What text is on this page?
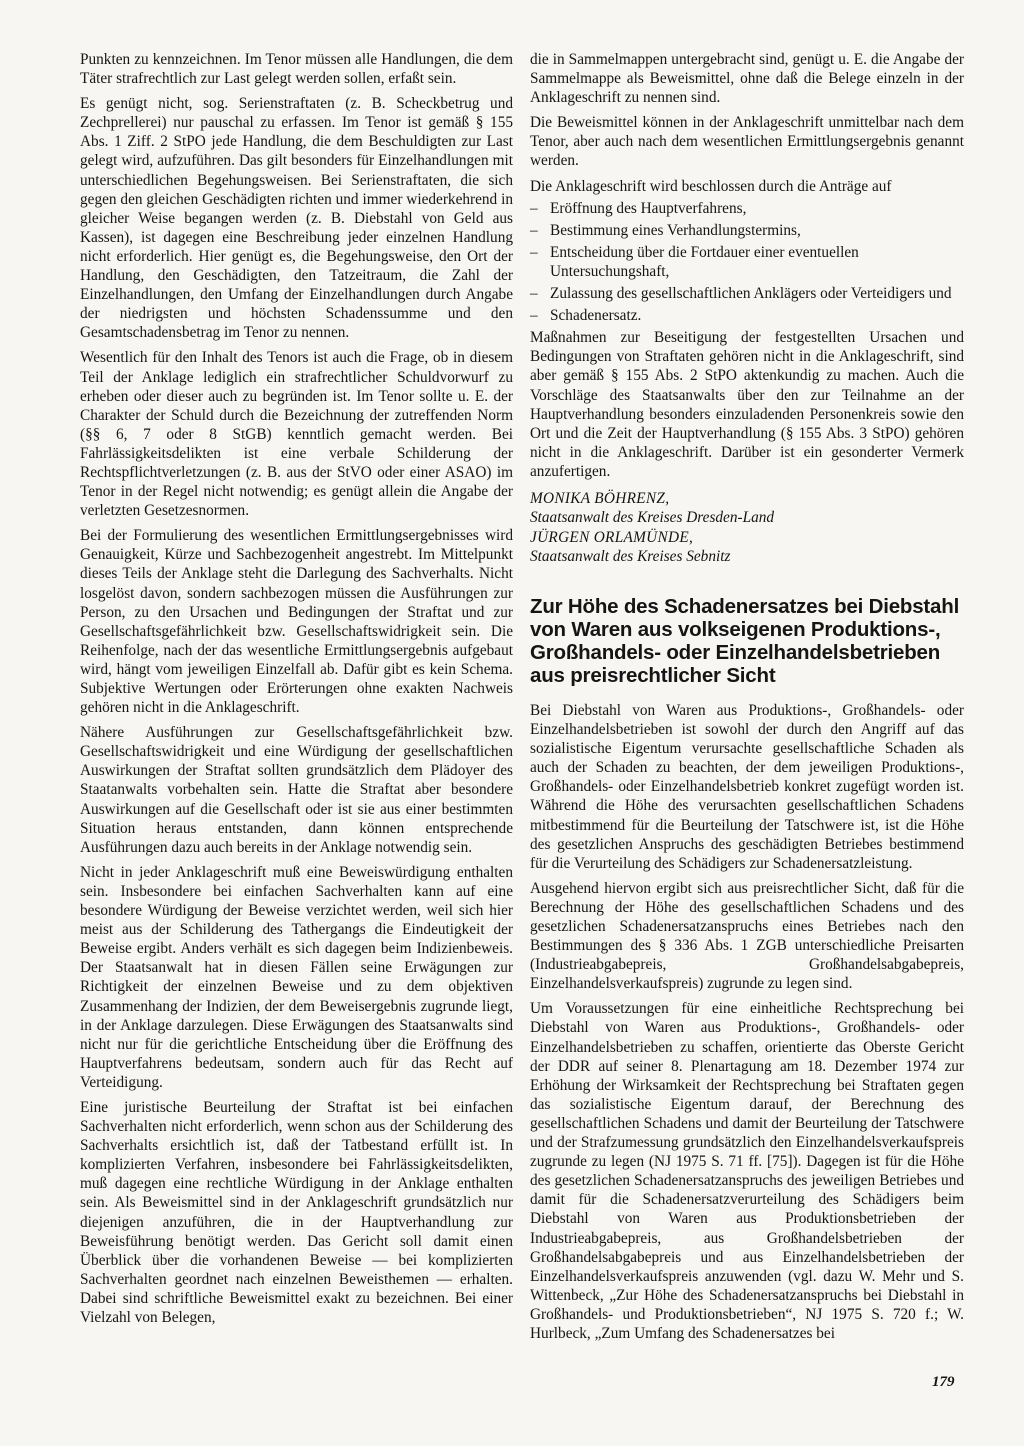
Punkten zu kennzeichnen. Im Tenor müssen alle Handlungen, die dem Täter strafrechtlich zur Last gelegt werden sollen, erfaßt sein.

Es genügt nicht, sog. Serienstraftaten (z. B. Scheckbetrug und Zechprellerei) nur pauschal zu erfassen. Im Tenor ist gemäß § 155 Abs. 1 Ziff. 2 StPO jede Handlung, die dem Beschuldigten zur Last gelegt wird, aufzuführen. Das gilt besonders für Einzelhandlungen mit unterschiedlichen Begehungsweisen. Bei Serienstraftaten, die sich gegen den gleichen Geschädigten richten und immer wiederkehrend in gleicher Weise begangen werden (z. B. Diebstahl von Geld aus Kassen), ist dagegen eine Beschreibung jeder einzelnen Handlung nicht erforderlich. Hier genügt es, die Begehungsweise, den Ort der Handlung, den Geschädigten, den Tatzeitraum, die Zahl der Einzelhandlungen, den Umfang der Einzelhandlungen durch Angabe der niedrigsten und höchsten Schadenssumme und den Gesamtschadensbetrag im Tenor zu nennen.

Wesentlich für den Inhalt des Tenors ist auch die Frage, ob in diesem Teil der Anklage lediglich ein strafrechtlicher Schuldvorwurf zu erheben oder dieser auch zu begründen ist. Im Tenor sollte u. E. der Charakter der Schuld durch die Bezeichnung der zutreffenden Norm (§§ 6, 7 oder 8 StGB) kenntlich gemacht werden. Bei Fahrlässigkeitsdelikten ist eine verbale Schilderung der Rechtspflichtverletzungen (z. B. aus der StVO oder einer ASAO) im Tenor in der Regel nicht notwendig; es genügt allein die Angabe der verletzten Gesetzesnormen.

Bei der Formulierung des wesentlichen Ermittlungsergebnisses wird Genauigkeit, Kürze und Sachbezogenheit angestrebt. Im Mittelpunkt dieses Teils der Anklage steht die Darlegung des Sachverhalts. Nicht losgelöst davon, sondern sachbezogen müssen die Ausführungen zur Person, zu den Ursachen und Bedingungen der Straftat und zur Gesellschaftsgefährlichkeit bzw. Gesellschaftswidrigkeit sein. Die Reihenfolge, nach der das wesentliche Ermittlungsergebnis aufgebaut wird, hängt vom jeweiligen Einzelfall ab. Dafür gibt es kein Schema. Subjektive Wertungen oder Erörterungen ohne exakten Nachweis gehören nicht in die Anklageschrift.

Nähere Ausführungen zur Gesellschaftsgefährlichkeit bzw. Gesellschaftswidrigkeit und eine Würdigung der gesellschaftlichen Auswirkungen der Straftat sollten grundsätzlich dem Plädoyer des Staatanwalts vorbehalten sein. Hatte die Straftat aber besondere Auswirkungen auf die Gesellschaft oder ist sie aus einer bestimmten Situation heraus entstanden, dann können entsprechende Ausführungen dazu auch bereits in der Anklage notwendig sein.

Nicht in jeder Anklageschrift muß eine Beweiswürdigung enthalten sein. Insbesondere bei einfachen Sachverhalten kann auf eine besondere Würdigung der Beweise verzichtet werden, weil sich hier meist aus der Schilderung des Tathergangs die Eindeutigkeit der Beweise ergibt. Anders verhält es sich dagegen beim Indizienbeweis. Der Staatsanwalt hat in diesen Fällen seine Erwägungen zur Richtigkeit der einzelnen Beweise und zu dem objektiven Zusammenhang der Indizien, der dem Beweisergebnis zugrunde liegt, in der Anklage darzulegen. Diese Erwägungen des Staatsanwalts sind nicht nur für die gerichtliche Entscheidung über die Eröffnung des Hauptverfahrens bedeutsam, sondern auch für das Recht auf Verteidigung.

Eine juristische Beurteilung der Straftat ist bei einfachen Sachverhalten nicht erforderlich, wenn schon aus der Schilderung des Sachverhalts ersichtlich ist, daß der Tatbestand erfüllt ist. In komplizierten Verfahren, insbesondere bei Fahrlässigkeitsdelikten, muß dagegen eine rechtliche Würdigung in der Anklage enthalten sein. Als Beweismittel sind in der Anklageschrift grundsätzlich nur diejenigen anzuführen, die in der Hauptverhandlung zur Beweisführung benötigt werden. Das Gericht soll damit einen Überblick über die vorhandenen Beweise — bei komplizierten Sachverhalten geordnet nach einzelnen Beweisthemen — erhalten. Dabei sind schriftliche Beweismittel exakt zu bezeichnen. Bei einer Vielzahl von Belegen,

die in Sammelmappen untergebracht sind, genügt u. E. die Angabe der Sammelmappe als Beweismittel, ohne daß die Belege einzeln in der Anklageschrift zu nennen sind.

Die Beweismittel können in der Anklageschrift unmittelbar nach dem Tenor, aber auch nach dem wesentlichen Ermittlungsergebnis genannt werden.

Die Anklageschrift wird beschlossen durch die Anträge auf

– Eröffnung des Hauptverfahrens,
– Bestimmung eines Verhandlungstermins,
– Entscheidung über die Fortdauer einer eventuellen Untersuchungshaft,
– Zulassung des gesellschaftlichen Anklägers oder Verteidigers und
– Schadenersatz.

Maßnahmen zur Beseitigung der festgestellten Ursachen und Bedingungen von Straftaten gehören nicht in die Anklageschrift, sind aber gemäß § 155 Abs. 2 StPO aktenkundig zu machen. Auch die Vorschläge des Staatsanwalts über den zur Teilnahme an der Hauptverhandlung besonders einzuladenden Personenkreis sowie den Ort und die Zeit der Hauptverhandlung (§ 155 Abs. 3 StPO) gehören nicht in die Anklageschrift. Darüber ist ein gesonderter Vermerk anzufertigen.

MONIKA BÖHRENZ,

Staatsanwalt des Kreises Dresden-Land

JÜRGEN ORLAMÜNDE,

Staatsanwalt des Kreises Sebnitz

Zur Höhe des Schadenersatzes bei Diebstahl von Waren aus volkseigenen Produktions-, Großhandels- oder Einzelhandelsbetrieben aus preisrechtlicher Sicht

Bei Diebstahl von Waren aus Produktions-, Großhandels- oder Einzelhandelsbetrieben ist sowohl der durch den Angriff auf das sozialistische Eigentum verursachte gesellschaftliche Schaden als auch der Schaden zu beachten, der dem jeweiligen Produktions-, Großhandels- oder Einzelhandelsbetrieb konkret zugefügt worden ist. Während die Höhe des verursachten gesellschaftlichen Schadens mitbestimmend für die Beurteilung der Tatschwere ist, ist die Höhe des gesetzlichen Anspruchs des geschädigten Betriebes bestimmend für die Verurteilung des Schädigers zur Schadenersatzleistung.

Ausgehend hiervon ergibt sich aus preisrechtlicher Sicht, daß für die Berechnung der Höhe des gesellschaftlichen Schadens und des gesetzlichen Schadenersatzanspruchs eines Betriebes nach den Bestimmungen des § 336 Abs. 1 ZGB unterschiedliche Preisarten (Industrieabgabepreis, Großhandelsabgabepreis, Einzelhandelsverkaufspreis) zugrunde zu legen sind.

Um Voraussetzungen für eine einheitliche Rechtsprechung bei Diebstahl von Waren aus Produktions-, Großhandels- oder Einzelhandelsbetrieben zu schaffen, orientierte das Oberste Gericht der DDR auf seiner 8. Plenartagung am 18. Dezember 1974 zur Erhöhung der Wirksamkeit der Rechtsprechung bei Straftaten gegen das sozialistische Eigentum darauf, der Berechnung des gesellschaftlichen Schadens und damit der Beurteilung der Tatschwere und der Strafzumessung grundsätzlich den Einzelhandelsverkaufspreis zugrunde zu legen (NJ 1975 S. 71 ff. [75]). Dagegen ist für die Höhe des gesetzlichen Schadenersatzanspruchs des jeweiligen Betriebes und damit für die Schadenersatzverurteilung des Schädigers beim Diebstahl von Waren aus Produktionsbetrieben der Industrieabgabepreis, aus Großhandelsbetrieben der Großhandelsabgabepreis und aus Einzelhandelsbetrieben der Einzelhandelsverkaufspreis anzuwenden (vgl. dazu W. Mehr und S. Wittenbeck, „Zur Höhe des Schadenersatzanspruchs bei Diebstahl in Großhandels- und Produktionsbetrieben“, NJ 1975 S. 720 f.; W. Hurlbeck, „Zum Umfang des Schadenersatzes bei

179
